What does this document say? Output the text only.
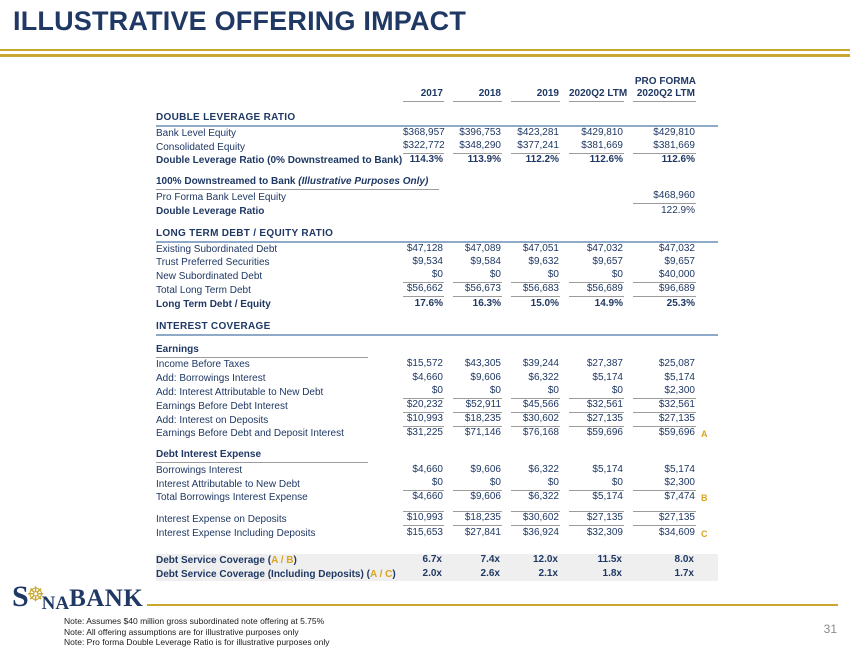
ILLUSTRATIVE OFFERING IMPACT
					PRO FORMA	

	2017	2018	2019	2020Q2 LTM	2020Q2 LTM	

DOUBLE LEVERAGE RATIO						
Bank Level Equity	$368,957	$396,753	$423,281	$429,810	$429,810	

Consolidated Equity	$322,772	$348,290	$377,241	$381,669	$381,669	

Double Leverage Ratio (0% Downstreamed to Bank)	114.3%	113.9%	112.2%	112.6%	112.6%	

100% Downstreamed to Bank (Illustrative Purposes Only)						
Pro Forma Bank Level Equity					$468,960	

Double Leverage Ratio					122.9%	

LONG TERM DEBT / EQUITY RATIO						
Existing Subordinated Debt	$47,128	$47,089	$47,051	$47,032	$47,032	

Trust Preferred Securities	$9,534	$9,584	$9,632	$9,657	$9,657	

New Subordinated Debt	$0	$0	$0	$0	$40,000	

Total Long Term Debt	$56,662	$56,673	$56,683	$56,689	$96,689	

Long Term Debt / Equity	17.6%	16.3%	15.0%	14.9%	25.3%	

INTEREST COVERAGE						

Earnings						
Income Before Taxes	$15,572	$43,305	$39,244	$27,387	$25,087	

Add: Borrowings Interest	$4,660	$9,606	$6,322	$5,174	$5,174	

Add: Interest Attributable to New Debt	$0	$0	$0	$0	$2,300	

Earnings Before Debt Interest	$20,232	$52,911	$45,566	$32,561	$32,561	

Add: Interest on Deposits	$10,993	$18,235	$30,602	$27,135	$27,135	

Earnings Before Debt and Deposit Interest	$31,225	$71,146	$76,168	$59,696	$59,696	A

Debt Interest Expense						
Borrowings Interest	$4,660	$9,606	$6,322	$5,174	$5,174	

Interest Attributable to New Debt	$0	$0	$0	$0	$2,300	

Total Borrowings Interest Expense	$4,660	$9,606	$6,322	$5,174	$7,474	B

Interest Expense on Deposits	$10,993	$18,235	$30,602	$27,135	$27,135	

Interest Expense Including Deposits	$15,653	$27,841	$36,924	$32,309	$34,609	C

Debt Service Coverage (A / B)	6.7x	7.4x	12.0x	11.5x	8.0x	

Debt Service Coverage (Including Deposits) (A / C)	2.0x	2.6x	2.1x	1.8x	1.7x	

S☸NABANK
Note: Assumes $40 million gross subordinated note offering at 5.75%
Note: All offering assumptions are for illustrative purposes only
Note: Pro forma Double Leverage Ratio is for illustrative purposes only
31
